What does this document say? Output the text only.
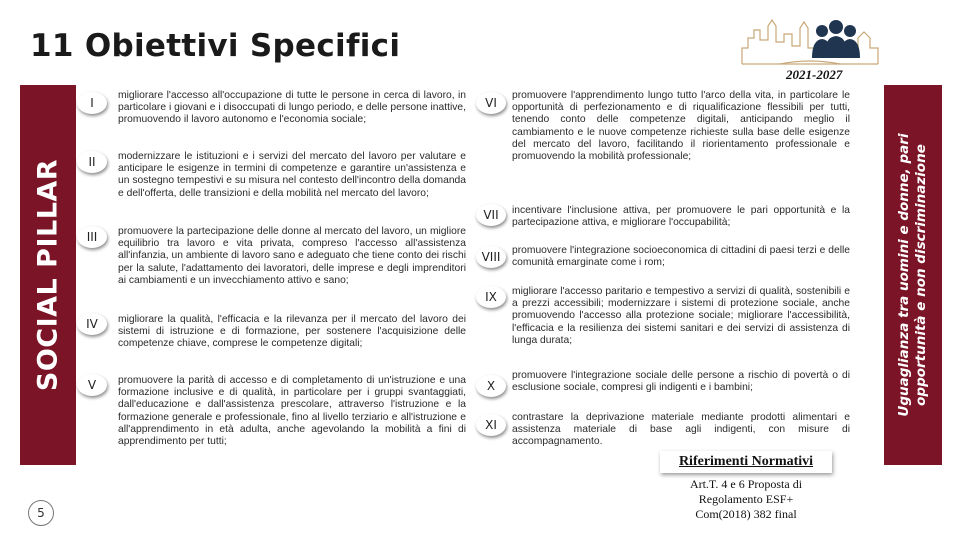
11 Obiettivi Specifici
2021-2027
SOCIAL PILLAR	Uguaglianza tra uomini e donne, pari opportunità e non discriminazione
I
migliorare l'accesso all'occupazione di tutte le persone in cerca di lavoro, in particolare i giovani e i disoccupati di lungo periodo, e delle persone inattive, promuovendo il lavoro autonomo e l'economia sociale;
II	modernizzare le istituzioni e i servizi del mercato del lavoro per valutare e anticipare le esigenze in termini di competenze e garantire un'assistenza e un sostegno tempestivi e su misura nel contesto dell'incontro della domanda e dell'offerta, delle transizioni e della mobilità nel mercato del lavoro;
III	promuovere la partecipazione delle donne al mercato del lavoro, un migliore equilibrio tra lavoro e vita privata, compreso l'accesso all'assistenza all'infanzia, un ambiente di lavoro sano e adeguato che tiene conto dei rischi per la salute, l'adattamento dei lavoratori, delle imprese e degli imprenditori ai cambiamenti e un invecchiamento attivo e sano;
IV	migliorare la qualità, l'efficacia e la rilevanza per il mercato del lavoro dei sistemi di istruzione e di formazione, per sostenere l'acquisizione delle competenze chiave, comprese le competenze digitali;
V	promuovere la parità di accesso e di completamento di un'istruzione e una formazione inclusive e di qualità, in particolare per i gruppi svantaggiati, dall'educazione e dall'assistenza prescolare, attraverso l'istruzione e la formazione generale e professionale, fino al livello terziario e all'istruzione e all'apprendimento in età adulta, anche agevolando la mobilità a fini di apprendimento per tutti;
VI
promuovere l'apprendimento lungo tutto l'arco della vita, in particolare le opportunità di perfezionamento e di riqualificazione flessibili per tutti, tenendo conto delle competenze digitali, anticipando meglio il cambiamento e le nuove competenze richieste sulla base delle esigenze del mercato del lavoro, facilitando il riorientamento professionale e promuovendo la mobilità professionale;
VII	incentivare l'inclusione attiva, per promuovere le pari opportunità e la partecipazione attiva, e migliorare l'occupabilità;
VIII	promuovere l'integrazione socioeconomica di cittadini di paesi terzi e delle comunità emarginate come i rom;
IX	migliorare l'accesso paritario e tempestivo a servizi di qualità, sostenibili e a prezzi accessibili; modernizzare i sistemi di protezione sociale, anche promuovendo l'accesso alla protezione sociale; migliorare l'accessibilità, l'efficacia e la resilienza dei sistemi sanitari e dei servizi di assistenza di lunga durata;
X
promuovere l'integrazione sociale delle persone a rischio di povertà o di esclusione sociale, compresi gli indigenti e i bambini;
XI
contrastare la deprivazione materiale mediante prodotti alimentari e assistenza materiale di base agli indigenti, con misure di accompagnamento.
Riferimenti Normativi
Art.T. 4 e 6 Proposta di
Regolamento ESF+
Com(2018) 382 final
5
